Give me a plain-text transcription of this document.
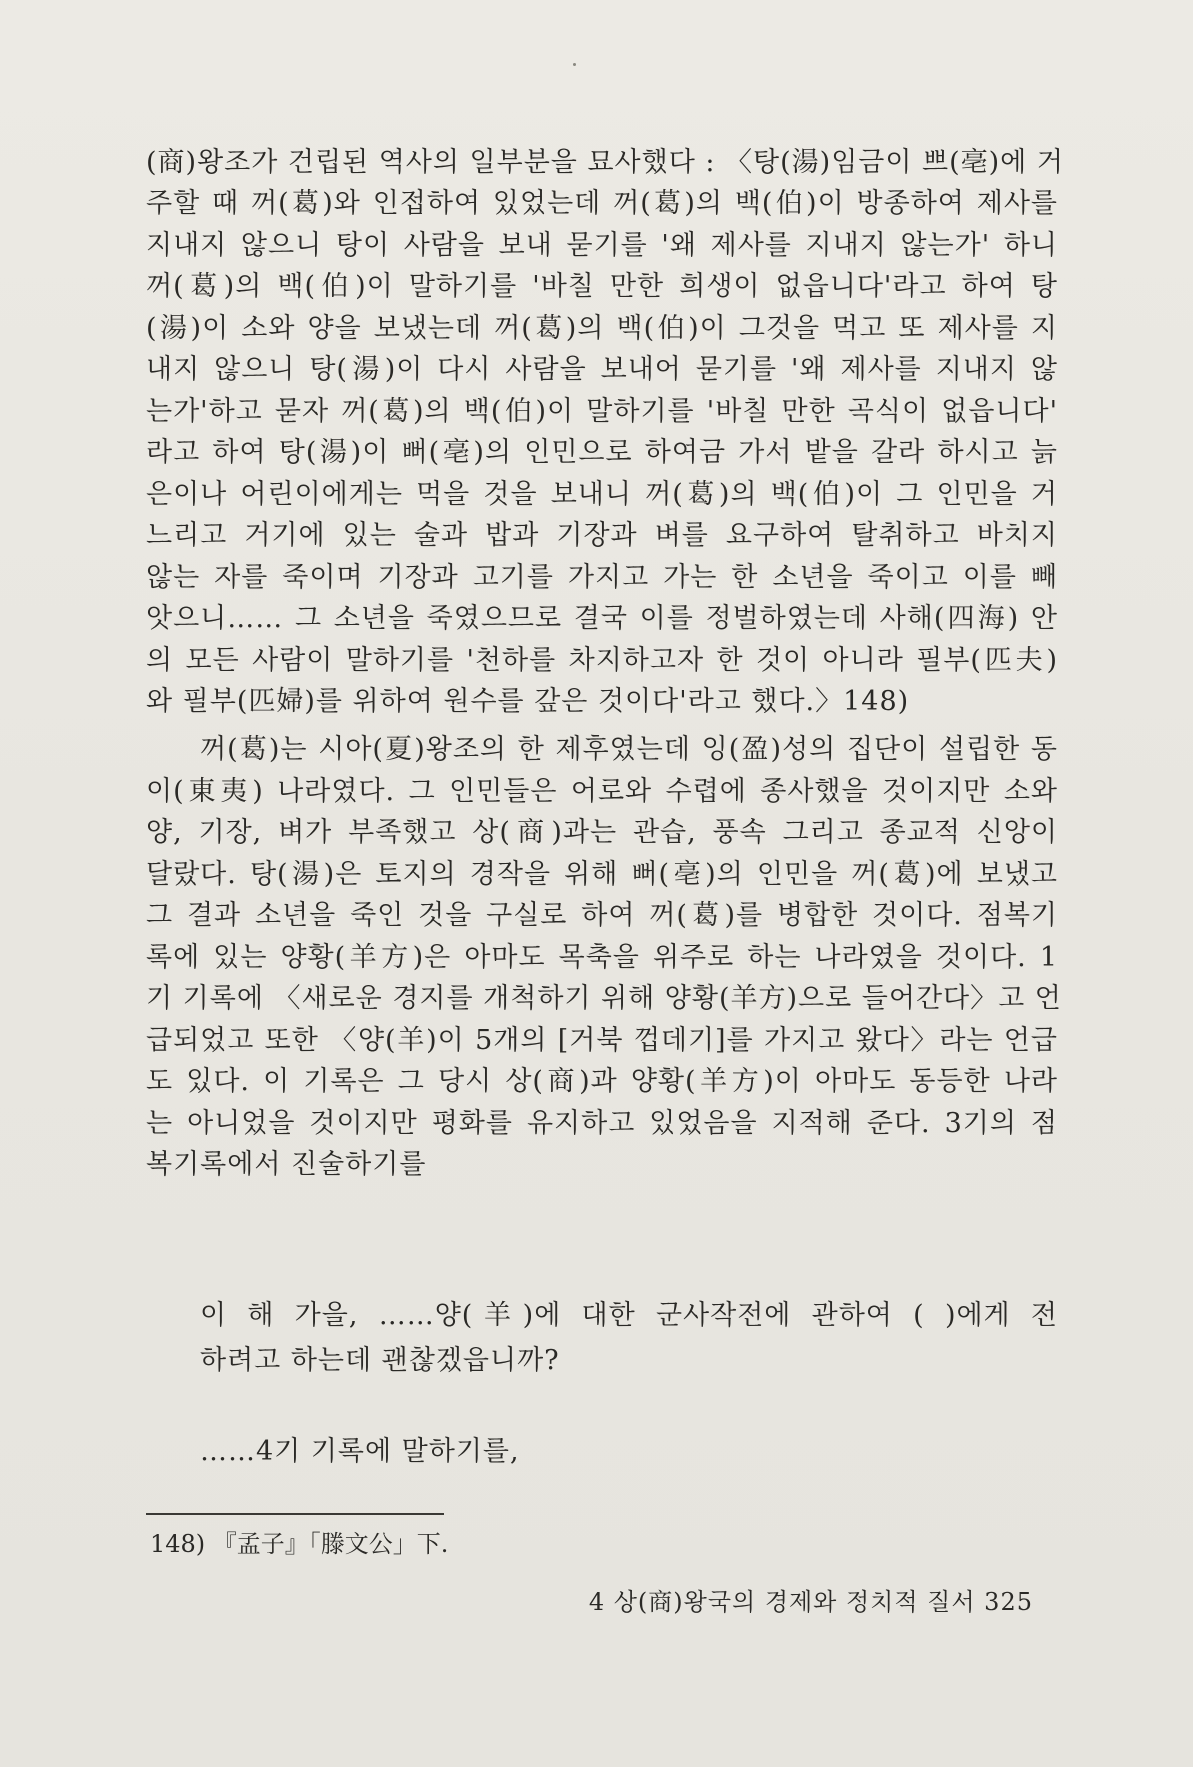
(商)왕조가 건립된 역사의 일부분을 묘사했다 : 〈탕(湯)임금이 쁘(亳)에 거
주할 때 꺼(葛)와 인접하여 있었는데 꺼(葛)의 백(伯)이 방종하여 제사를
지내지 않으니 탕이 사람을 보내 묻기를 '왜 제사를 지내지 않는가' 하니
꺼(葛)의 백(伯)이 말하기를 '바칠 만한 희생이 없읍니다'라고 하여 탕
(湯)이 소와 양을 보냈는데 꺼(葛)의 백(伯)이 그것을 먹고 또 제사를 지
내지 않으니 탕(湯)이 다시 사람을 보내어 묻기를 '왜 제사를 지내지 않
는가'하고 묻자 꺼(葛)의 백(伯)이 말하기를 '바칠 만한 곡식이 없읍니다'
라고 하여 탕(湯)이 뻐(亳)의 인민으로 하여금 가서 밭을 갈라 하시고 늙
은이나 어린이에게는 먹을 것을 보내니 꺼(葛)의 백(伯)이 그 인민을 거
느리고 거기에 있는 술과 밥과 기장과 벼를 요구하여 탈취하고 바치지
않는 자를 죽이며 기장과 고기를 가지고 가는 한 소년을 죽이고 이를 빼
앗으니…… 그 소년을 죽였으므로 결국 이를 정벌하였는데 사해(四海) 안
의 모든 사람이 말하기를 '천하를 차지하고자 한 것이 아니라 필부(匹夫)
와 필부(匹婦)를 위하여 원수를 갚은 것이다'라고 했다.〉148)
꺼(葛)는 시아(夏)왕조의 한 제후였는데 잉(盈)성의 집단이 설립한 동
이(東夷) 나라였다. 그 인민들은 어로와 수렵에 종사했을 것이지만 소와
양, 기장, 벼가 부족했고 상(商)과는 관습, 풍속 그리고 종교적 신앙이
달랐다. 탕(湯)은 토지의 경작을 위해 뻐(亳)의 인민을 꺼(葛)에 보냈고
그 결과 소년을 죽인 것을 구실로 하여 꺼(葛)를 병합한 것이다. 점복기
록에 있는 양황(羊方)은 아마도 목축을 위주로 하는 나라였을 것이다. 1
기 기록에 〈새로운 경지를 개척하기 위해 양황(羊方)으로 들어간다〉고 언
급되었고 또한 〈양(羊)이 5개의 [거북 껍데기]를 가지고 왔다〉라는 언급
도 있다. 이 기록은 그 당시 상(商)과 양황(羊方)이 아마도 동등한 나라
는 아니었을 것이지만 평화를 유지하고 있었음을 지적해 준다. 3기의 점
복기록에서 진술하기를
이 해 가을, ……양(羊)에 대한 군사작전에 관하여 ( )에게 전
하려고 하는데 괜찮겠읍니까?
……4기 기록에 말하기를,
148) 『孟子』「滕文公」下.
4 상(商)왕국의 경제와 정치적 질서 325
